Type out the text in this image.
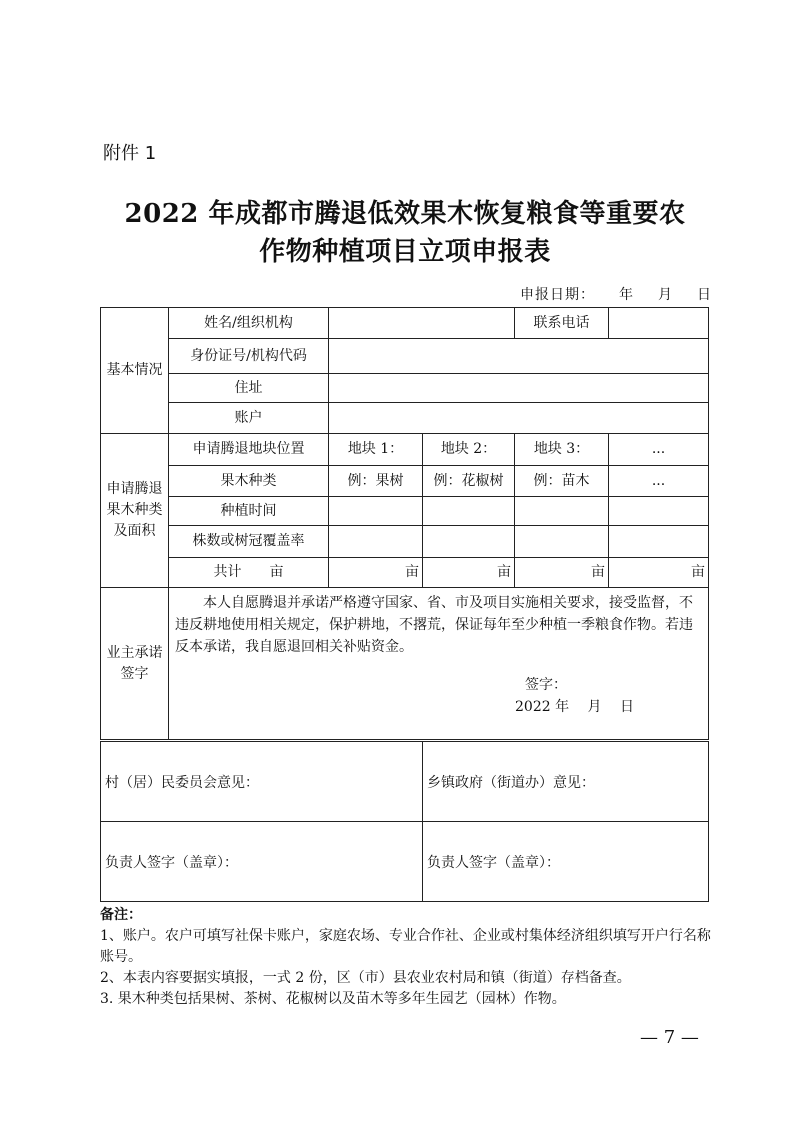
附件 1
2022 年成都市腾退低效果木恢复粮食等重要农
作物种植项目立项申报表
申报日期： 年 月 日
基本情况	姓名/组织机构			联系电话	
	身份证号/机构代码				
	住址				
	账户				
申请腾退果木种类及面积	申请腾退地块位置	地块 1：	地块 2：	地块 3：	...
	果木种类	例：果树	例：花椒树	例：苗木	...
	种植时间				
	株数或树冠覆盖率				
	共计　　亩	亩	亩	亩	亩
业主承诺签字	本人自愿腾退并承诺严格遵守国家、省、市及项目实施相关要求，接受监督，不违反耕地使用相关规定，保护耕地，不撂荒，保证每年至少种植一季粮食作物。若违反本承诺，我自愿退回相关补贴资金。

签字：
2022 年　 月　 日				
村（居）民委员会意见：	乡镇政府（街道办）意见：
负责人签字（盖章）：	负责人签字（盖章）：
备注：
1、账户。农户可填写社保卡账户，家庭农场、专业合作社、企业或村集体经济组织填写开户行名称账号。
2、本表内容要据实填报，一式 2 份，区（市）县农业农村局和镇（街道）存档备查。
3. 果木种类包括果树、茶树、花椒树以及苗木等多年生园艺（园林）作物。
— 7 —
